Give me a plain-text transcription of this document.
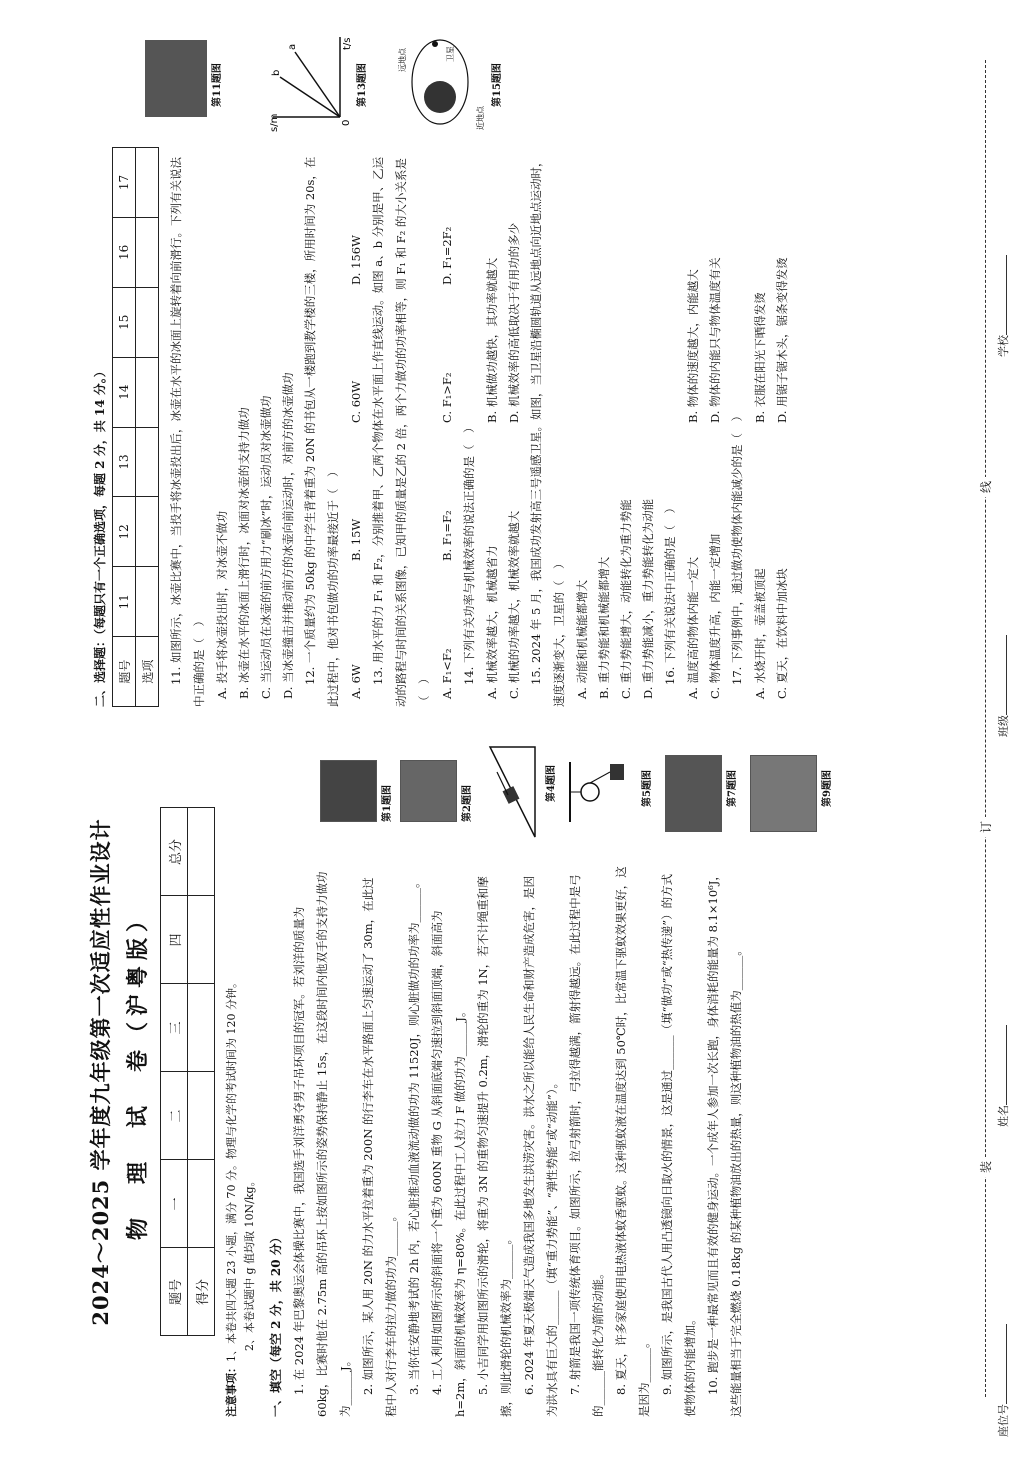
装
订
线
学校
班级
姓名
座位号
2024～2025 学年度九年级第一次适应性作业设计 物　理　试　卷（沪粤版）
题号	一	二	三	四	总分
得分					
注意事项：1、本卷共四大题 23 小题，满分 70 分。物理与化学的考试时间为 120 分钟。 2、本卷试题中 g 值均取 10N/kg。 一、填空（每空 2 分，共 20 分） 1. 在 2024 年巴黎奥运会体操比赛中，我国选手刘洋勇夺男子吊环项目的冠军。若刘洋的质量为 60kg，比赛时他在 2.75m 高的吊环上按如图所示的姿势保持静止 15s，在这段时间内他双手的支持力做功为______J。 2. 如图所示，某人用 20N 的力水平拉着重为 200N 的行李车在水平路面上匀速运动了 30m，在此过程中人对行李车的拉力做的功为______。 3. 当你在安静地考试的 2h 内，若心脏推动血液流动做的功为 11520J，则心脏做功的功率为______。 4. 工人利用如图所示的斜面将一个重为 600N 重物 G 从斜面底端匀速拉到斜面顶端，斜面高为 h=2m，斜面的机械效率为 η=80%。在此过程中工人拉力 F 做的功为______J。 5. 小吉同学用如图所示的滑轮，将重为 3N 的重物匀速提升 0.2m，滑轮的重为 1N，若不计绳重和摩擦，则此滑轮的机械效率为______。 6. 2024 年夏天极端天气造成我国多地发生洪涝灾害。洪水之所以能给人民生命和财产造成危害，是因为洪水具有巨大的______（填“重力势能”、“弹性势能”或“动能”）。 7. 射箭是我国一项传统体育项目。如图所示，拉弓射箭时，弓拉得越满，箭射得越远。在此过程中是弓的______能转化为箭的动能。 8. 夏天，许多家庭使用电热液体蚊香驱蚊。这种驱蚊液在温度达到 50℃时，比常温下驱蚊效果更好，这是因为______。 9. 如图所示，是我国古代人用凸透镜向日取火的情景，这是通过______（填“做功”或“热传递”）的方式使物体的内能增加。 10. 跑步是一种最常见而且有效的健身运动。一个成年人参加一次长跑，身体消耗的能量为 8.1×10⁶J，这些能量相当于完全燃烧 0.18kg 的某种植物油放出的热量，则这种植物油的热值为______。

第1题图	第2题图
第4题图	第5题图	第7题图	第9题图
二、选择题：（每题只有一个正确选项，每题 2 分，共 14 分。） 题号	11	12	13	14	15	16	17
选项								11. 如图所示，冰壶比赛中，当投手将冰壶投出后，冰壶在水平的冰面上旋转着向前滑行。下列有关说法中正确的是（　） A. 投手将冰壶投出时，对冰壶不做功 B. 冰壶在水平的冰面上滑行时，冰面对冰壶的支持力做功 C. 当运动员在冰壶的前方用力“刷冰”时，运动员对冰壶做功 D. 当冰壶撞击并推动前方的冰壶向前运动时，对前方的冰壶做功 12. 一个质量约为 50kg 的中学生背着重为 20N 的书包从一楼跑到教学楼的三楼，所用时间为 20s，在此过程中，他对书包做功的功率最接近于（　） A. 6W
B. 15W
C. 60W
D. 156W 13. 用水平的力 F₁ 和 F₂，分别推着甲、乙两个物体在水平面上作直线运动。如图 a、b 分别是甲、乙运动的路程与时间的关系图像，已知甲的质量是乙的 2 倍，两个力做功的功率相等，则 F₁ 和 F₂ 的大小关系是（　） A. F₁<F₂
B. F₁=F₂
C. F₁>F₂
D. F₁=2F₂

14. 下列有关功率与机械效率的说法正确的是（　） A. 机械效率越大，机械越省力
B. 机械做功越快，其功率就越大
C. 机械的功率越大，机械效率就越大
D. 机械效率的高低取决于有用功的多少 15. 2024 年 5 月，我国成功发射高三号遥感卫星。如图，当卫星沿椭圆轨道从远地点向近地点运动时，速度逐渐变大，卫星的（　） A. 动能和机械能都增大 B. 重力势能和机械能都增大 C. 重力势能增大，动能转化为重力势能 D. 重力势能减小，重力势能转化为动能 16. 下列有关说法中正确的是（　） A. 温度高的物体内能一定大
B. 物体的速度越大，内能越大
C. 物体温度升高，内能一定增加
D. 物体的内能只与物体温度有关

17. 下列事例中，通过做功使物体内能减少的是（　） A. 水烧开时，壶盖被顶起
B. 衣服在阳光下晒得发烫
C. 夏天，在饮料中加冰块
D. 用锯子锯木头，锯条变得发烫
第11题图
s/m
t/s
b
a
0
第13题图
远地点
近地点
卫星
第15题图
